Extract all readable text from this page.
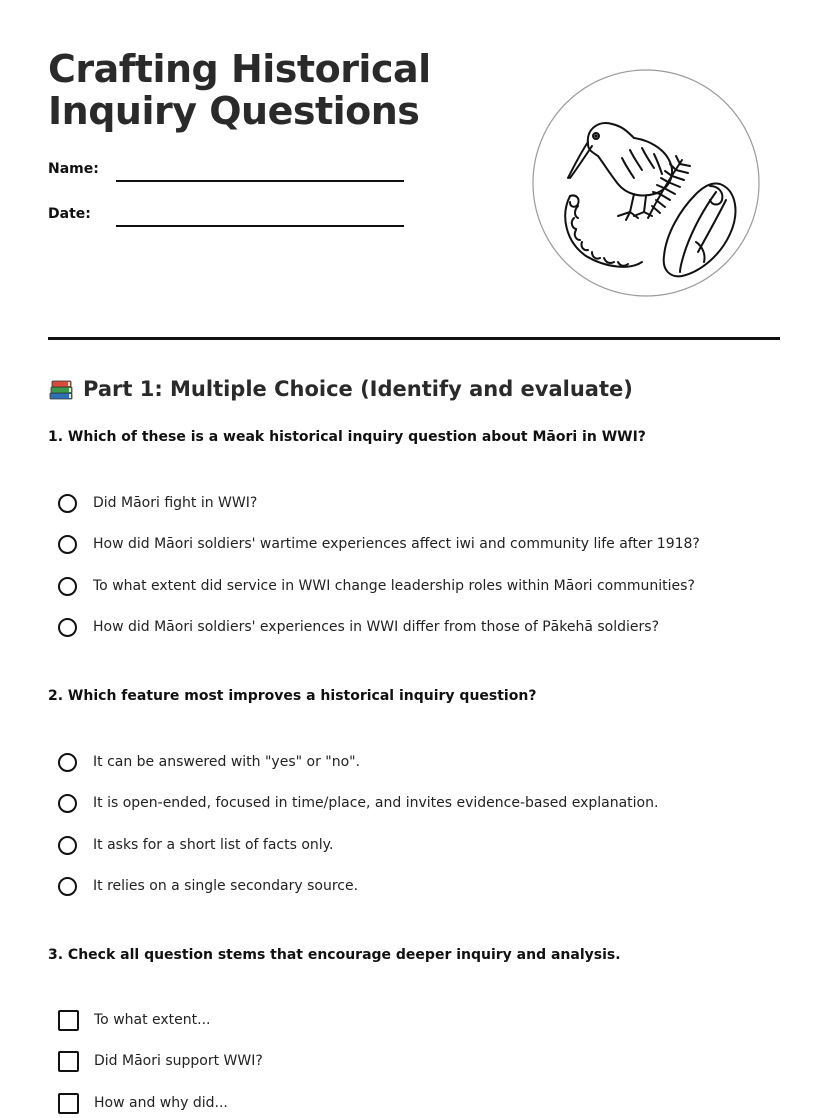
Crafting Historical
Inquiry Questions
Name:
Date:
Part 1: Multiple Choice (Identify and evaluate)

1. Which of these is a weak historical inquiry question about Māori in WWI?

Did Māori fight in WWI?
How did Māori soldiers' wartime experiences affect iwi and community life after 1918?
To what extent did service in WWI change leadership roles within Māori communities?
How did Māori soldiers' experiences in WWI differ from those of Pākehā soldiers?

2. Which feature most improves a historical inquiry question?

It can be answered with "yes" or "no".
It is open-ended, focused in time/place, and invites evidence-based explanation.
It asks for a short list of facts only.
It relies on a single secondary source.

3. Check all question stems that encourage deeper inquiry and analysis.

To what extent...
Did Māori support WWI?
How and why did...
